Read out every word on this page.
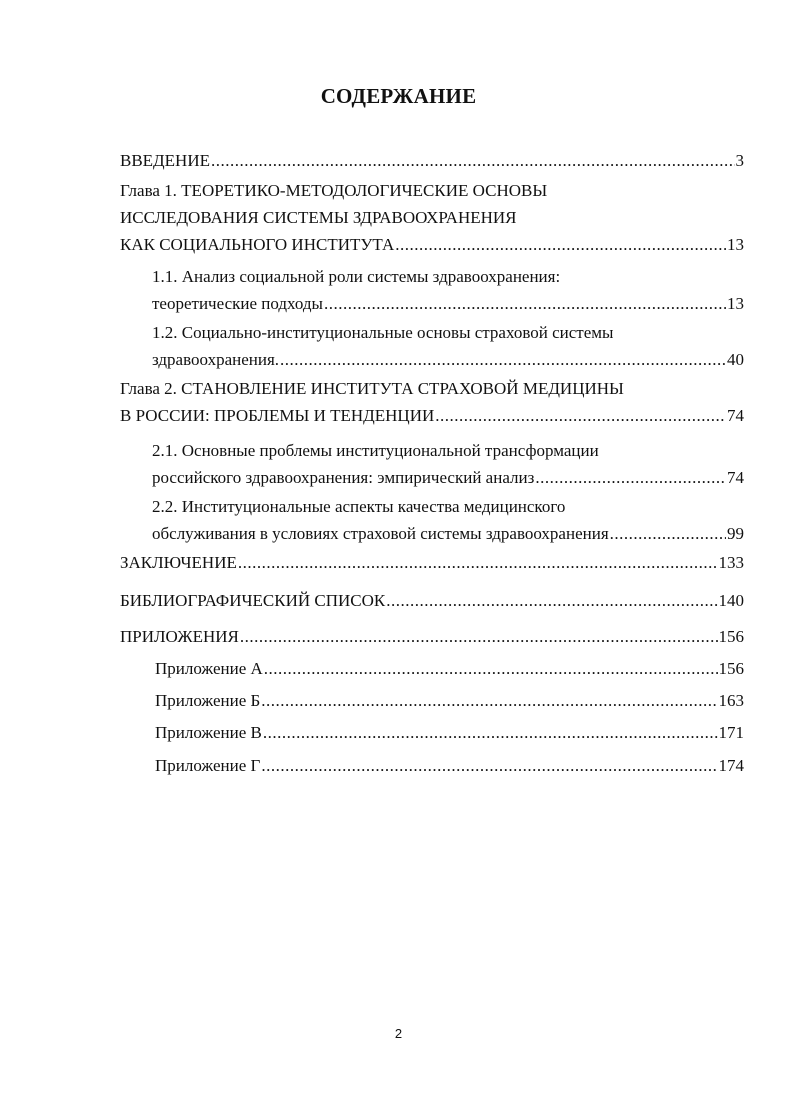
СОДЕРЖАНИЕ
ВВЕДЕНИЕ .....	3
Глава 1. ТЕОРЕТИКО-МЕТОДОЛОГИЧЕСКИЕ ОСНОВЫ
ИССЛЕДОВАНИЯ СИСТЕМЫ ЗДРАВООХРАНЕНИЯ
КАК СОЦИАЛЬНОГО ИНСТИТУТА .....	13
1.1. Анализ социальной роли системы здравоохранения:
теоретические подходы .....	13
1.2. Социально-институциональные основы страховой системы
здравоохранения. .....	40
Глава 2. СТАНОВЛЕНИЕ ИНСТИТУТА СТРАХОВОЙ МЕДИЦИНЫ
В РОССИИ: ПРОБЛЕМЫ И ТЕНДЕНЦИИ .....	74
2.1. Основные проблемы институциональной трансформации
российского здравоохранения: эмпирический анализ .....	74
2.2. Институциональные аспекты качества медицинского
обслуживания в условиях страховой системы здравоохранения .....	99
ЗАКЛЮЧЕНИЕ .....	133
БИБЛИОГРАФИЧЕСКИЙ СПИСОК .....	140
ПРИЛОЖЕНИЯ .....	156
Приложение А .....	156
Приложение Б .....	163
Приложение В .....	171
Приложение Г .....	174
2
